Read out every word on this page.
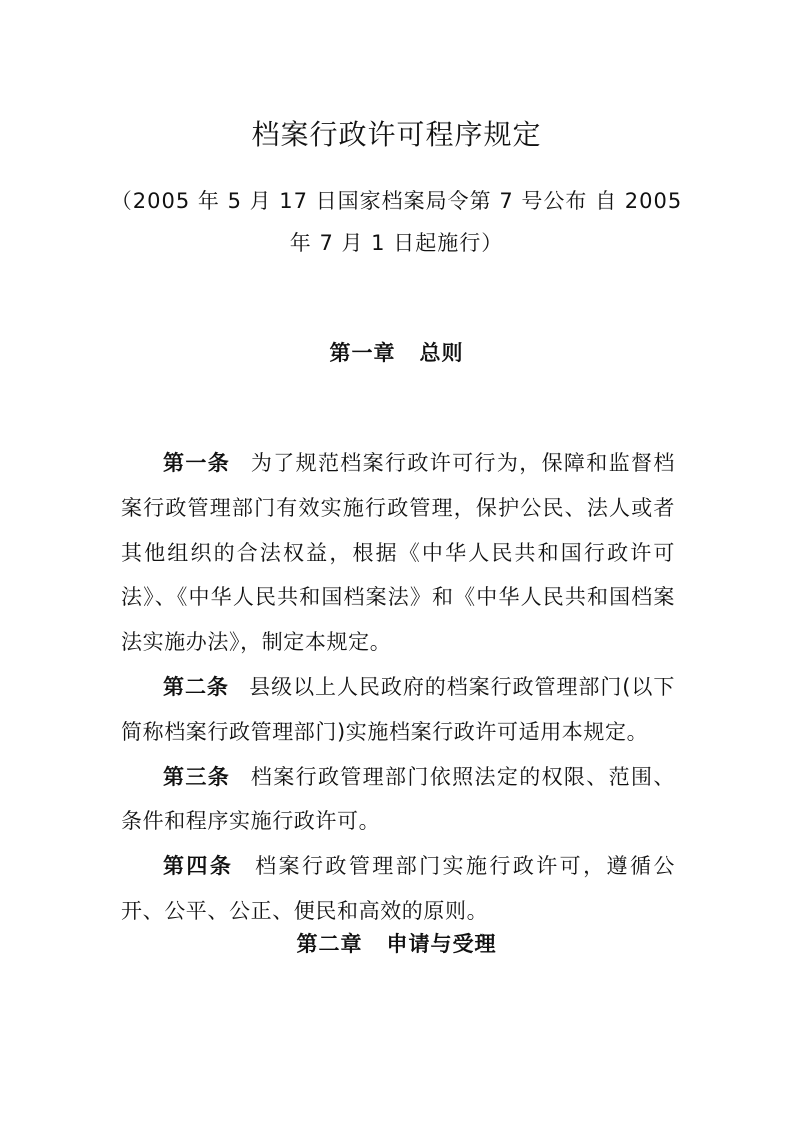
档案行政许可程序规定
（2005 年 5 月 17 日国家档案局令第 7 号公布 自 2005 年 7 月 1 日起施行）
第一章 总则

第一条 为了规范档案行政许可行为，保障和监督档案行政管理部门有效实施行政管理，保护公民、法人或者其他组织的合法权益，根据《中华人民共和国行政许可法》、《中华人民共和国档案法》和《中华人民共和国档案法实施办法》，制定本规定。

第二条 县级以上人民政府的档案行政管理部门(以下简称档案行政管理部门)实施档案行政许可适用本规定。

第三条 档案行政管理部门依照法定的权限、范围、条件和程序实施行政许可。

第四条 档案行政管理部门实施行政许可，遵循公开、公平、公正、便民和高效的原则。

第二章 申请与受理
